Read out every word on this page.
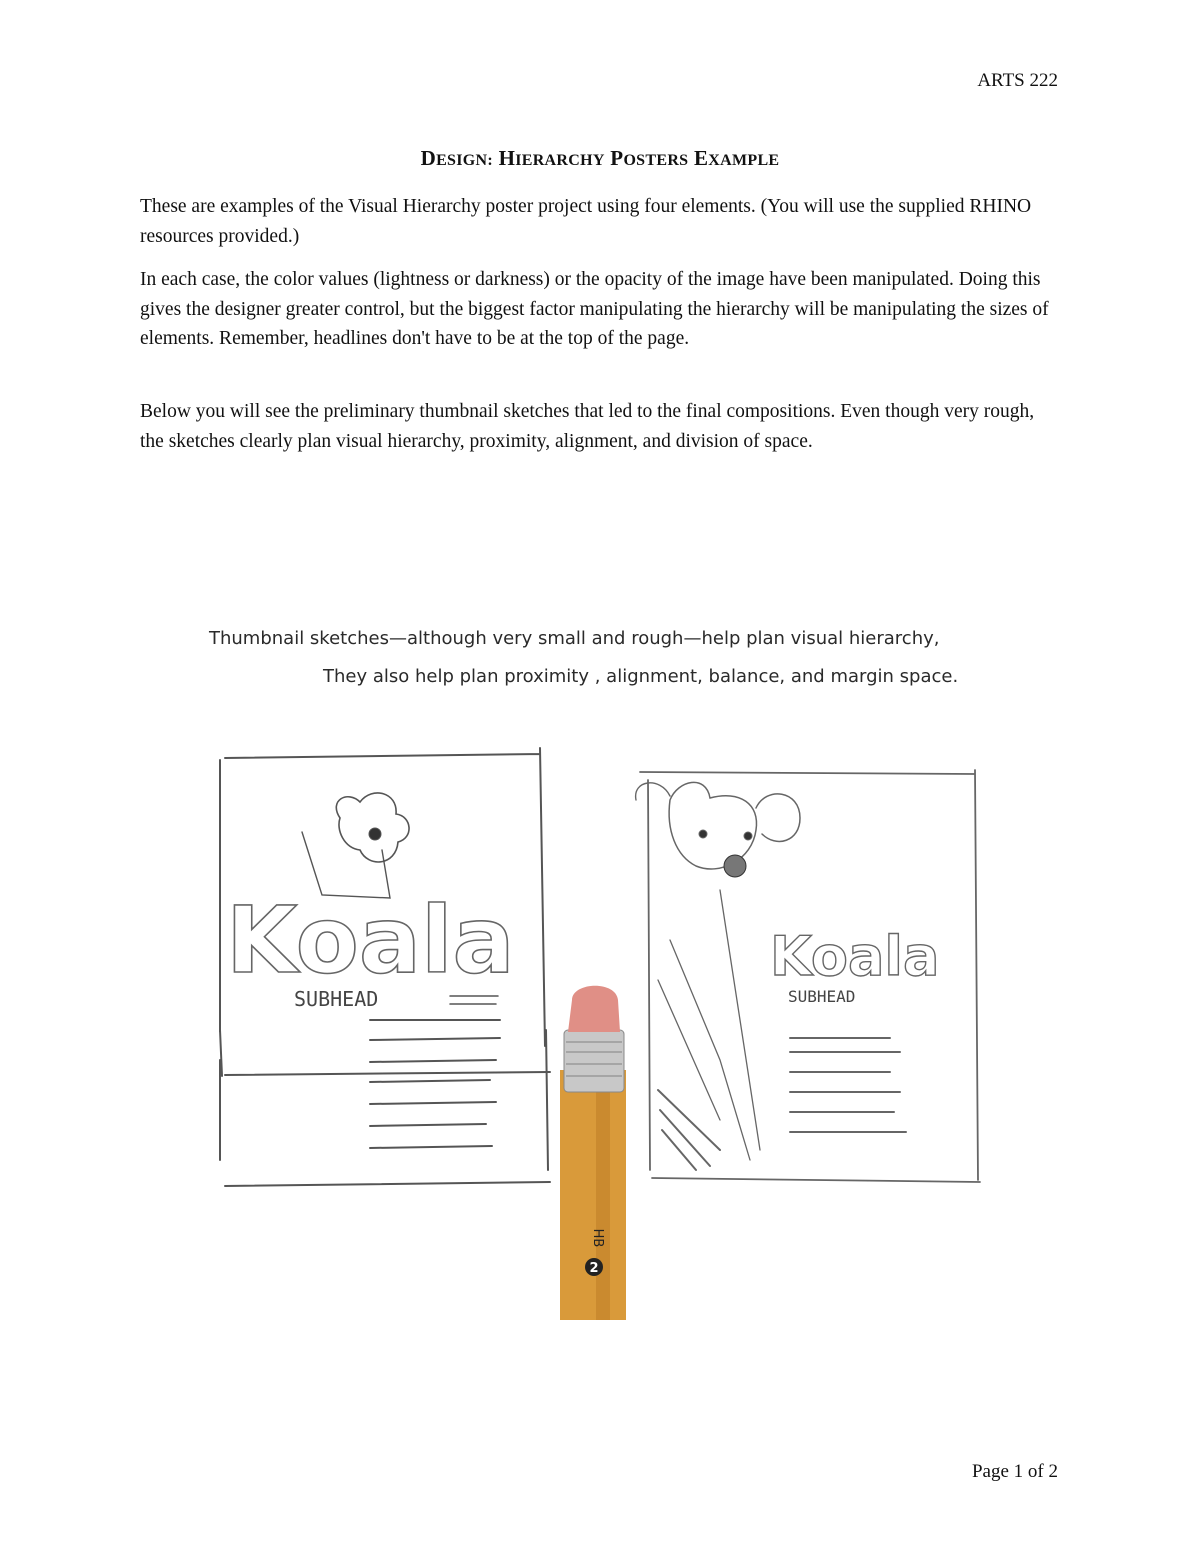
ARTS 222
DESIGN: HIERARCHY POSTERS EXAMPLE

These are examples of the Visual Hierarchy poster project using four elements. (You will use the supplied RHINO resources provided.)

In each case, the color values (lightness or darkness) or the opacity of the image have been manipulated. Doing this gives the designer greater control, but the biggest factor manipulating the hierarchy will be manipulating the sizes of elements. Remember, headlines don't have to be at the top of the page.

Below you will see the preliminary thumbnail sketches that led to the final compositions. Even though very rough, the sketches clearly plan visual hierarchy, proximity, alignment, and division of space.

Thumbnail sketches—although very small and rough—help plan visual hierarchy,
They also help plan proximity , alignment, balance, and margin space.
Koala
SUBHEAD
Koala
SUBHEAD
2
HB
Page 1 of 2
